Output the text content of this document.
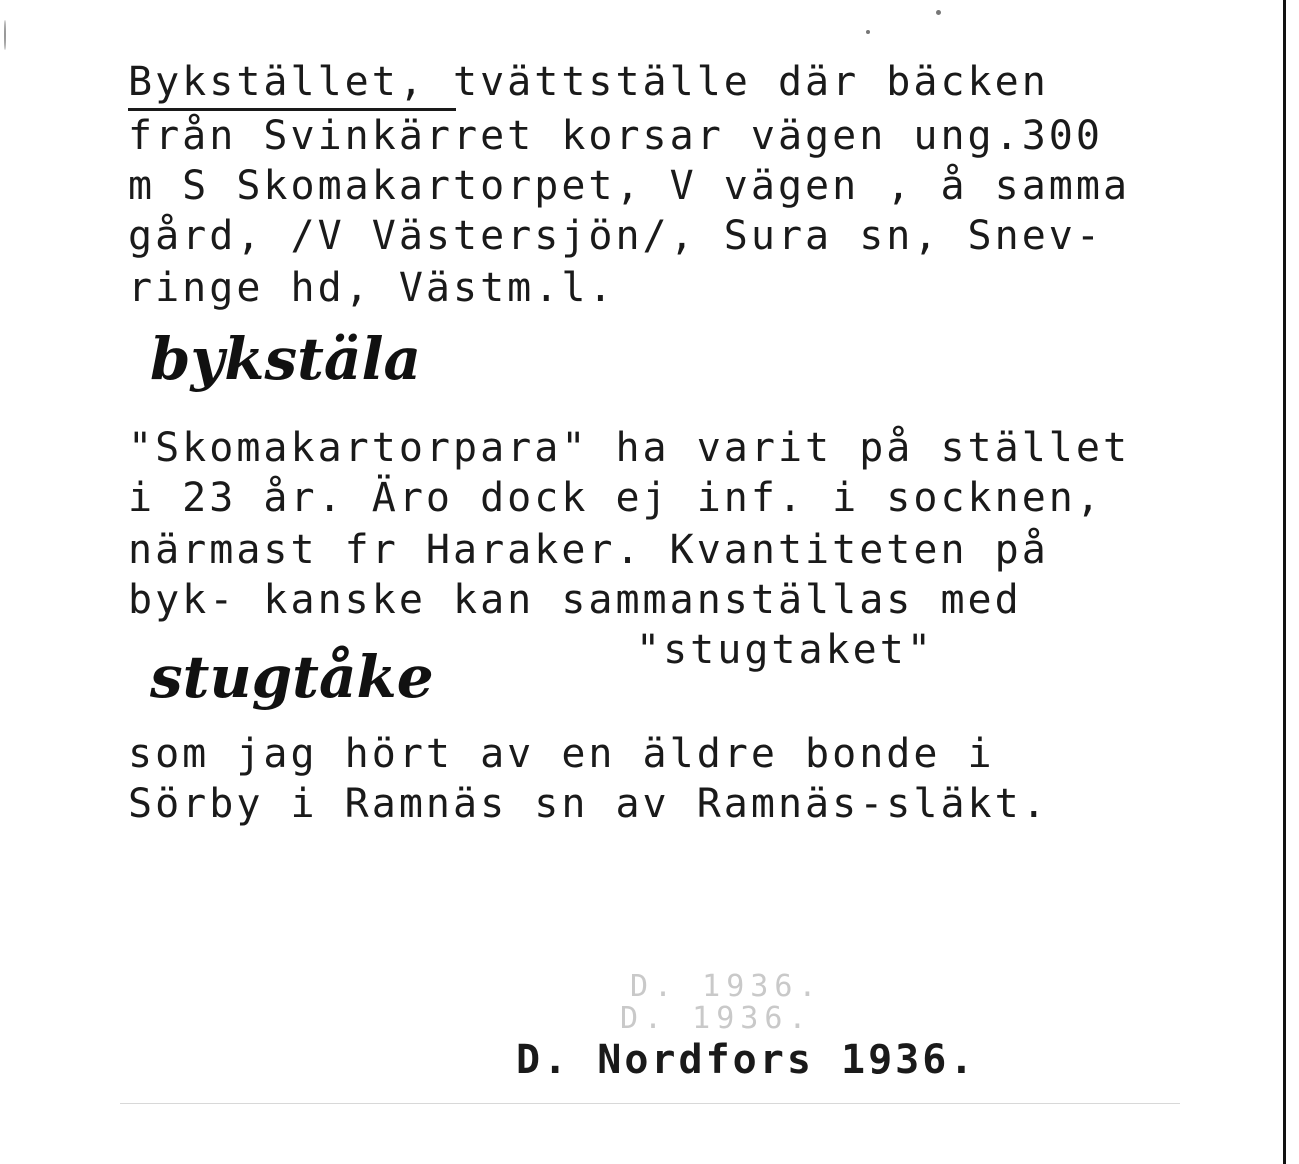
Bykstället, tvättställe där bäcken

från Svinkärret korsar vägen ung.300

m S Skomakartorpet, V vägen , å samma

gård, /V Västersjön/, Sura sn, Snev-

ringe hd, Västm.l.

bykstäla

"Skomakartorpara" ha varit på stället

i 23 år. Äro dock ej inf. i socknen,

närmast fr Haraker. Kvantiteten på

byk- kanske kan sammanställas med

"stugtaket"

stugtåke

som jag hört av en äldre bonde i

Sörby i Ramnäs sn av Ramnäs-släkt.

D. 1936.

D. 1936.

D. Nordfors 1936.
